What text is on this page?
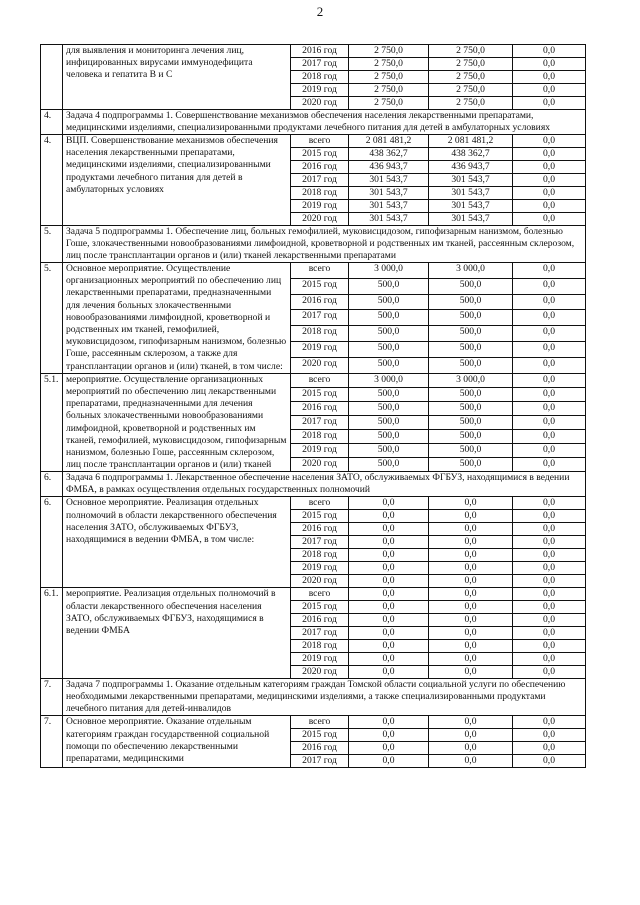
2
	для выявления и мониторинга лечения лиц, инфицированных вирусами иммунодефицита человека и гепатита В и С	2016 год	2 750,0	2 750,0	0,0
		2017 год	2 750,0	2 750,0	0,0
		2018 год	2 750,0	2 750,0	0,0
		2019 год	2 750,0	2 750,0	0,0
		2020 год	2 750,0	2 750,0	0,0
4.	Задача 4 подпрограммы 1. Совершенствование механизмов обеспечения населения лекарственными препаратами, медицинскими изделиями, специализированными продуктами лечебного питания для детей в амбулаторных условиях				
4.	ВЦП. Совершенствование механизмов обеспечения населения лекарственными препаратами, медицинскими изделиями, специализированными продуктами лечебного питания для детей в амбулаторных условиях	всего	2 081 481,2	2 081 481,2	0,0
		2015 год	438 362,7	438 362,7	0,0
		2016 год	436 943,7	436 943,7	0,0
		2017 год	301 543,7	301 543,7	0,0
		2018 год	301 543,7	301 543,7	0,0
		2019 год	301 543,7	301 543,7	0,0
		2020 год	301 543,7	301 543,7	0,0
5.	Задача 5 подпрограммы 1. Обеспечение лиц, больных гемофилией, муковисцидозом, гипофизарным нанизмом, болезнью Гоше, злокачественными новообразованиями лимфоидной, кроветворной и родственных им тканей, рассеянным склерозом, лиц после трансплантации органов и (или) тканей лекарственными препаратами				
5.	Основное мероприятие. Осуществление организационных мероприятий по обеспечению лиц лекарственными препаратами, предназначенными для лечения больных злокачественными новообразованиями лимфоидной, кроветворной и родственных им тканей, гемофилией, муковисцидозом, гипофизарным нанизмом, болезнью Гоше, рассеянным склерозом, а также для трансплантации органов и (или) тканей, в том числе:	всего	3 000,0	3 000,0	0,0
		2015 год	500,0	500,0	0,0
		2016 год	500,0	500,0	0,0
		2017 год	500,0	500,0	0,0
		2018 год	500,0	500,0	0,0
		2019 год	500,0	500,0	0,0
		2020 год	500,0	500,0	0,0
5.1.	мероприятие. Осуществление организационных мероприятий по обеспечению лиц лекарственными препаратами, предназначенными для лечения больных злокачественными новообразованиями лимфоидной, кроветворной и родственных им тканей, гемофилией, муковисцидозом, гипофизарным нанизмом, болезнью Гоше, рассеянным склерозом, лиц после трансплантации органов и (или) тканей	всего	3 000,0	3 000,0	0,0
		2015 год	500,0	500,0	0,0
		2016 год	500,0	500,0	0,0
		2017 год	500,0	500,0	0,0
		2018 год	500,0	500,0	0,0
		2019 год	500,0	500,0	0,0
		2020 год	500,0	500,0	0,0
6.	Задача 6 подпрограммы 1. Лекарственное обеспечение населения ЗАТО, обслуживаемых ФГБУЗ, находящимися в ведении ФМБА, в рамках осуществления отдельных государственных полномочий				
6.	Основное мероприятие. Реализация отдельных полномочий в области лекарственного обеспечения населения ЗАТО, обслуживаемых ФГБУЗ, находящимися в ведении ФМБА, в том числе:	всего	0,0	0,0	0,0
		2015 год	0,0	0,0	0,0
		2016 год	0,0	0,0	0,0
		2017 год	0,0	0,0	0,0
		2018 год	0,0	0,0	0,0
		2019 год	0,0	0,0	0,0
		2020 год	0,0	0,0	0,0
6.1.	мероприятие. Реализация отдельных полномочий в области лекарственного обеспечения населения ЗАТО, обслуживаемых ФГБУЗ, находящимися в ведении ФМБА	всего	0,0	0,0	0,0
		2015 год	0,0	0,0	0,0
		2016 год	0,0	0,0	0,0
		2017 год	0,0	0,0	0,0
		2018 год	0,0	0,0	0,0
		2019 год	0,0	0,0	0,0
		2020 год	0,0	0,0	0,0
7.	Задача 7 подпрограммы 1. Оказание отдельным категориям граждан Томской области социальной услуги по обеспечению необходимыми лекарственными препаратами, медицинскими изделиями, а также специализированными продуктами лечебного питания для детей-инвалидов				
7.	Основное мероприятие. Оказание отдельным категориям граждан государственной социальной помощи по обеспечению лекарственными препаратами, медицинскими	всего	0,0	0,0	0,0
		2015 год	0,0	0,0	0,0
		2016 год	0,0	0,0	0,0
		2017 год	0,0	0,0	0,0
